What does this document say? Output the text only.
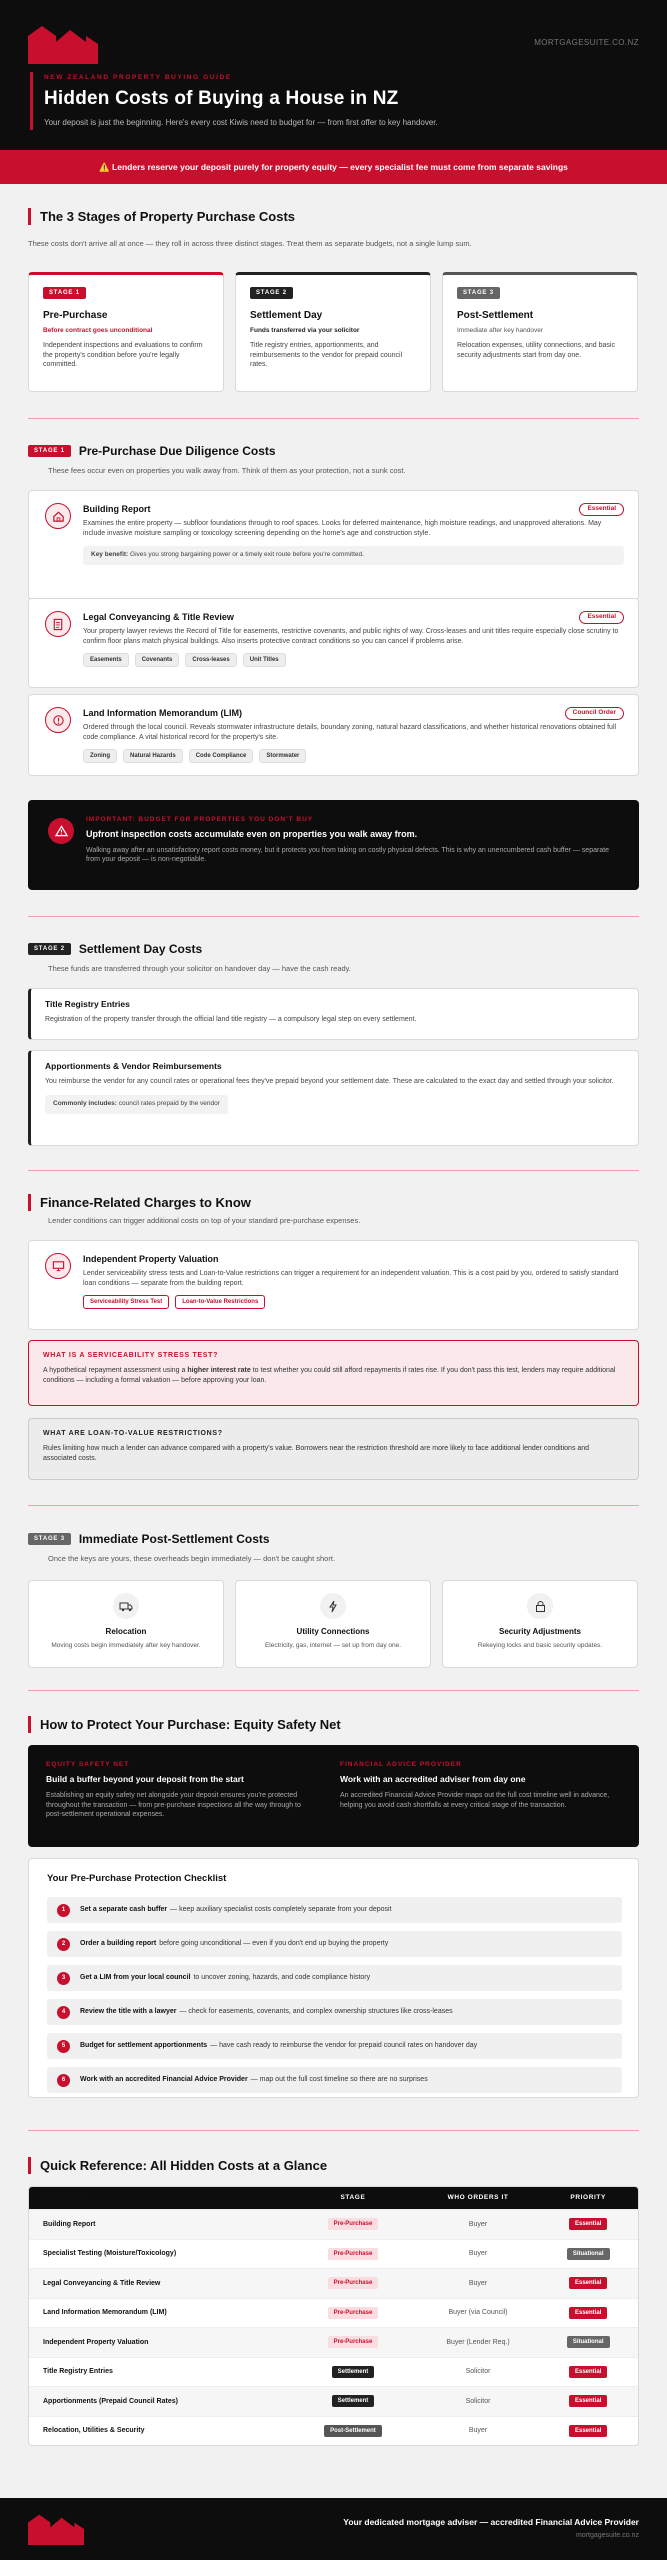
MORTGAGESUITE.CO.NZ
NEW ZEALAND PROPERTY BUYING GUIDE
Hidden Costs of Buying a House in NZ
Your deposit is just the beginning. Here's every cost Kiwis need to budget for — from first offer to key handover.
⚠️ Lenders reserve your deposit purely for property equity — every specialist fee must come from separate savings
The 3 Stages of Property Purchase Costs
These costs don't arrive all at once — they roll in across three distinct stages. Treat them as separate budgets, not a single lump sum.
STAGE 1
Pre-Purchase
Before contract goes unconditional

Independent inspections and evaluations to confirm the property's condition before you're legally committed.

STAGE 2
Settlement Day
Funds transferred via your solicitor

Title registry entries, apportionments, and reimbursements to the vendor for prepaid council rates.

STAGE 3
Post-Settlement
Immediate after key handover

Relocation expenses, utility connections, and basic security adjustments start from day one.

STAGE 1	Pre-Purchase Due Diligence Costs
These fees occur even on properties you walk away from. Think of them as your protection, not a sunk cost.
Building Report	Essential

Examines the entire property — subfloor foundations through to roof spaces. Looks for deferred maintenance, high moisture readings, and unapproved alterations. May include invasive moisture sampling or toxicology screening depending on the home's age and construction style.

Key benefit: Gives you strong bargaining power or a timely exit route before you're committed.
Legal Conveyancing & Title Review	Essential

Your property lawyer reviews the Record of Title for easements, restrictive covenants, and public rights of way. Cross-leases and unit titles require especially close scrutiny to confirm floor plans match physical buildings. Also inserts protective contract conditions so you can cancel if problems arise.

Easements	Covenants	Cross-leases	Unit Titles
Land Information Memorandum (LIM)	Council Order

Ordered through the local council. Reveals stormwater infrastructure details, boundary zoning, natural hazard classifications, and whether historical renovations obtained full code compliance. A vital historical record for the property's site.

Zoning	Natural Hazards	Code Compliance	Stormwater
IMPORTANT: BUDGET FOR PROPERTIES YOU DON'T BUY
Upfront inspection costs accumulate even on properties you walk away from.

Walking away after an unsatisfactory report costs money, but it protects you from taking on costly physical defects. This is why an unencumbered cash buffer — separate from your deposit — is non-negotiable.

STAGE 2	Settlement Day Costs
These funds are transferred through your solicitor on handover day — have the cash ready.
Title Registry Entries

Registration of the property transfer through the official land title registry — a compulsory legal step on every settlement.

Apportionments & Vendor Reimbursements

You reimburse the vendor for any council rates or operational fees they've prepaid beyond your settlement date. These are calculated to the exact day and settled through your solicitor.

Commonly includes: council rates prepaid by the vendor
Finance-Related Charges to Know
Lender conditions can trigger additional costs on top of your standard pre-purchase expenses.
Independent Property Valuation

Lender serviceability stress tests and Loan-to-Value restrictions can trigger a requirement for an independent valuation. This is a cost paid by you, ordered to satisfy standard loan conditions — separate from the building report.

Serviceability Stress Test	Loan-to-Value Restrictions
WHAT IS A SERVICEABILITY STRESS TEST?

A hypothetical repayment assessment using a higher interest rate to test whether you could still afford repayments if rates rise. If you don't pass this test, lenders may require additional conditions — including a formal valuation — before approving your loan.

WHAT ARE LOAN-TO-VALUE RESTRICTIONS?

Rules limiting how much a lender can advance compared with a property's value. Borrowers near the restriction threshold are more likely to face additional lender conditions and associated costs.

STAGE 3	Immediate Post-Settlement Costs
Once the keys are yours, these overheads begin immediately — don't be caught short.
Relocation

Moving costs begin immediately after key handover.

Utility Connections

Electricity, gas, internet — set up from day one.

Security Adjustments

Rekeying locks and basic security updates.

How to Protect Your Purchase: Equity Safety Net
EQUITY SAFETY NET
Build a buffer beyond your deposit from the start

Establishing an equity safety net alongside your deposit ensures you're protected throughout the transaction — from pre-purchase inspections all the way through to post-settlement operational expenses.

FINANCIAL ADVICE PROVIDER
Work with an accredited adviser from day one

An accredited Financial Advice Provider maps out the full cost timeline well in advance, helping you avoid cash shortfalls at every critical stage of the transaction.

Your Pre-Purchase Protection Checklist
1	Set a separate cash buffer — keep auxiliary specialist costs completely separate from your deposit
2	Order a building report before going unconditional — even if you don't end up buying the property
3	Get a LIM from your local council to uncover zoning, hazards, and code compliance history
4	Review the title with a lawyer — check for easements, covenants, and complex ownership structures like cross-leases
5	Budget for settlement apportionments — have cash ready to reimburse the vendor for prepaid council rates on handover day
6	Work with an accredited Financial Advice Provider — map out the full cost timeline so there are no surprises
Quick Reference: All Hidden Costs at a Glance
COST ITEM	STAGE	WHO ORDERS IT	PRIORITY
Building Report	Pre-Purchase	Buyer	Essential
Specialist Testing (Moisture/Toxicology)	Pre-Purchase	Buyer	Situational
Legal Conveyancing & Title Review	Pre-Purchase	Buyer	Essential
Land Information Memorandum (LIM)	Pre-Purchase	Buyer (via Council)	Essential
Independent Property Valuation	Pre-Purchase	Buyer (Lender Req.)	Situational
Title Registry Entries	Settlement	Solicitor	Essential
Apportionments (Prepaid Council Rates)	Settlement	Solicitor	Essential
Relocation, Utilities & Security	Post-Settlement	Buyer	Essential
Your dedicated mortgage adviser — accredited Financial Advice Provider
mortgagesuite.co.nz
